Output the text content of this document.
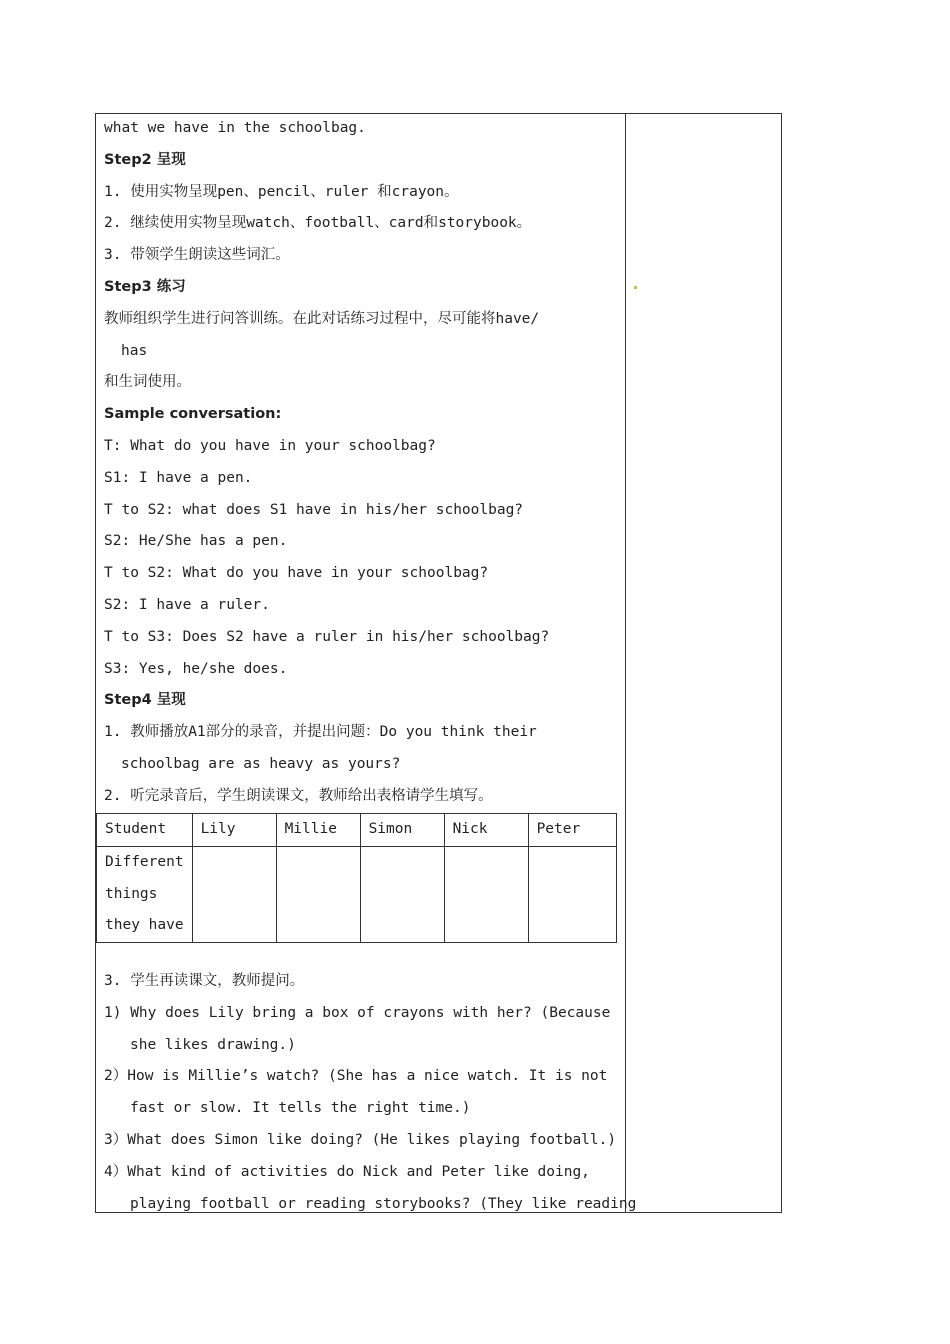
what we have in the schoolbag.
Step2 呈现
1. 使用实物呈现pen、pencil、ruler 和crayon。
2. 继续使用实物呈现watch、football、card和storybook。
3. 带领学生朗读这些词汇。
Step3 练习
教师组织学生进行问答训练。在此对话练习过程中，尽可能将have/
has
和生词使用。
Sample conversation:
T: What do you have in your schoolbag?
S1: I have a pen.
T to S2: what does S1 have in his/her schoolbag?
S2: He/She has a pen.
T to S2: What do you have in your schoolbag?
S2: I have a ruler.
T to S3: Does S2 have a ruler in his/her schoolbag?
S3: Yes, he/she does.
Step4 呈现
1. 教师播放A1部分的录音，并提出问题：Do you think their
schoolbag are as heavy as yours?
2. 听完录音后，学生朗读课文，教师给出表格请学生填写。
Student	Lily	Millie	Simon	Nick	Peter

Different
things
they have					

3. 学生再读课文，教师提问。
1) Why does Lily bring a box of crayons with her? (Because
she likes drawing.)
2）How is Millie’s watch? (She has a nice watch. It is not
fast or slow. It tells the right time.)
3）What does Simon like doing? (He likes playing football.)
4）What kind of activities do Nick and Peter like doing,
playing football or reading storybooks? (They like reading
